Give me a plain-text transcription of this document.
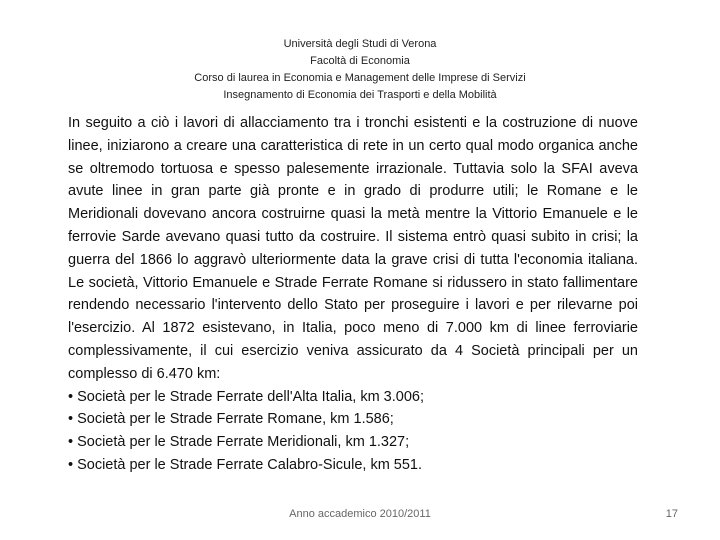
Università degli Studi di Verona
Facoltà di Economia
Corso di laurea in Economia e Management delle Imprese di Servizi
Insegnamento di Economia dei Trasporti e della Mobilità

In seguito a ciò i lavori di allacciamento tra i tronchi esistenti e la costruzione di nuove linee, iniziarono a creare una caratteristica di rete in un certo qual modo organica anche se oltremodo tortuosa e spesso palesemente irrazionale. Tuttavia solo la SFAI aveva avute linee in gran parte già pronte e in grado di produrre utili; le Romane e le Meridionali dovevano ancora costruirne quasi la metà mentre la Vittorio Emanuele e le ferrovie Sarde avevano quasi tutto da costruire. Il sistema entrò quasi subito in crisi; la guerra del 1866 lo aggravò ulteriormente data la grave crisi di tutta l'economia italiana. Le società, Vittorio Emanuele e Strade Ferrate Romane si ridussero in stato fallimentare rendendo necessario l'intervento dello Stato per proseguire i lavori e per rilevarne poi l'esercizio. Al 1872 esistevano, in Italia, poco meno di 7.000 km di linee ferroviarie complessivamente, il cui esercizio veniva assicurato da 4 Società principali per un complesso di 6.470 km:

• Società per le Strade Ferrate dell'Alta Italia, km 3.006;
• Società per le Strade Ferrate Romane, km 1.586;
• Società per le Strade Ferrate Meridionali, km 1.327;
• Società per le Strade Ferrate Calabro-Sicule, km 551.
Anno accademico 2010/2011	17
